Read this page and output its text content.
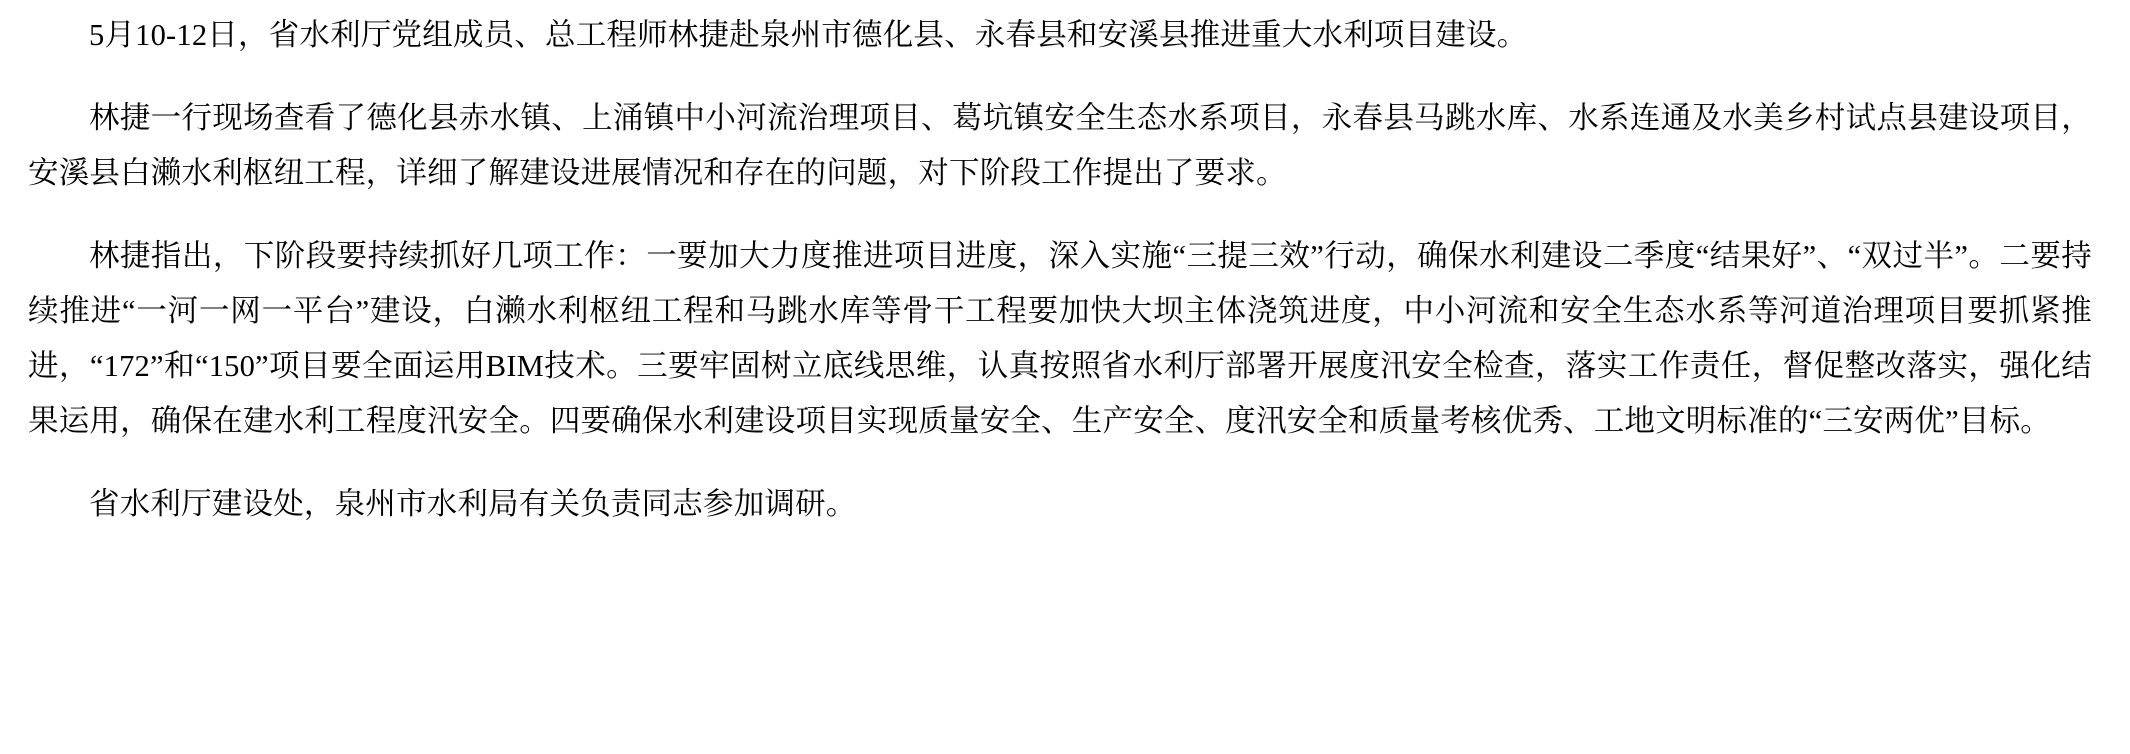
5月10-12日，省水利厅党组成员、总工程师林捷赴泉州市德化县、永春县和安溪县推进重大水利项目建设。

林捷一行现场查看了德化县赤水镇、上涌镇中小河流治理项目、葛坑镇安全生态水系项目，永春县马跳水库、水系连通及水美乡村试点县建设项目，安溪县白濑水利枢纽工程，详细了解建设进展情况和存在的问题，对下阶段工作提出了要求。

林捷指出，下阶段要持续抓好几项工作：一要加大力度推进项目进度，深入实施“三提三效”行动，确保水利建设二季度“结果好”、“双过半”。二要持续推进“一河一网一平台”建设，白濑水利枢纽工程和马跳水库等骨干工程要加快大坝主体浇筑进度，中小河流和安全生态水系等河道治理项目要抓紧推进，“172”和“150”项目要全面运用BIM技术。三要牢固树立底线思维，认真按照省水利厅部署开展度汛安全检查，落实工作责任，督促整改落实，强化结果运用，确保在建水利工程度汛安全。四要确保水利建设项目实现质量安全、生产安全、度汛安全和质量考核优秀、工地文明标准的“三安两优”目标。

省水利厅建设处，泉州市水利局有关负责同志参加调研。
